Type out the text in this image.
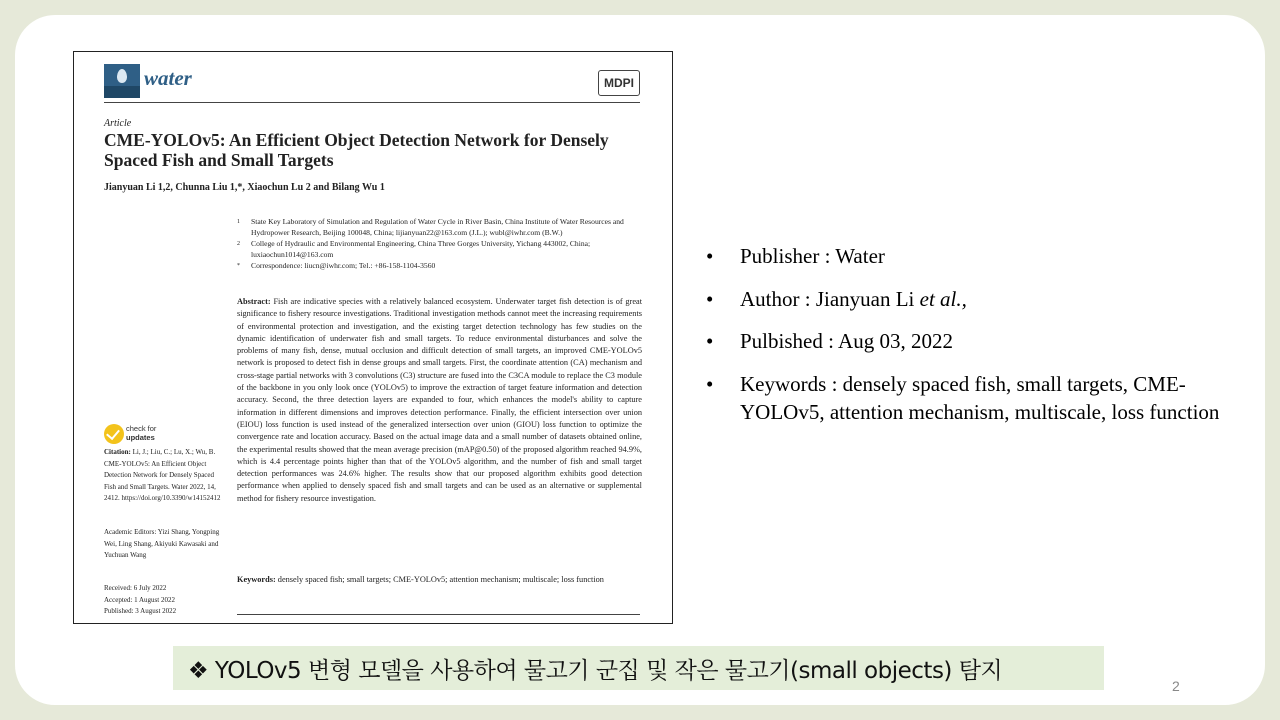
water	MDPI
Article
CME-YOLOv5: An Efficient Object Detection Network for Densely Spaced Fish and Small Targets
Jianyuan Li 1,2, Chunna Liu 1,*, Xiaochun Lu 2 and Bilang Wu 1

1 State Key Laboratory of Simulation and Regulation of Water Cycle in River Basin, China Institute of Water Resources and Hydropower Research, Beijing 100048, China; lijianyuan22@163.com (J.L.); wubl@iwhr.com (B.W.)

2 College of Hydraulic and Environmental Engineering, China Three Gorges University, Yichang 443002, China; luxiaochun1014@163.com

* Correspondence: liucn@iwhr.com; Tel.: +86-158-1104-3560

Abstract: Fish are indicative species with a relatively balanced ecosystem. Underwater target fish detection is of great significance to fishery resource investigations. Traditional investigation methods cannot meet the increasing requirements of environmental protection and investigation, and the existing target detection technology has few studies on the dynamic identification of underwater fish and small targets. To reduce environmental disturbances and solve the problems of many fish, dense, mutual occlusion and difficult detection of small targets, an improved CME-YOLOv5 network is proposed to detect fish in dense groups and small targets. First, the coordinate attention (CA) mechanism and cross-stage partial networks with 3 convolutions (C3) structure are fused into the C3CA module to replace the C3 module of the backbone in you only look once (YOLOv5) to improve the extraction of target feature information and detection accuracy. Second, the three detection layers are expanded to four, which enhances the model's ability to capture information in different dimensions and improves detection performance. Finally, the efficient intersection over union (EIOU) loss function is used instead of the generalized intersection over union (GIOU) loss function to optimize the convergence rate and location accuracy. Based on the actual image data and a small number of datasets obtained online, the experimental results showed that the mean average precision (mAP@0.50) of the proposed algorithm reached 94.9%, which is 4.4 percentage points higher than that of the YOLOv5 algorithm, and the number of fish and small target detection performances was 24.6% higher. The results show that our proposed algorithm exhibits good detection performance when applied to densely spaced fish and small targets and can be used as an alternative or supplemental method for fishery resource investigation.
Keywords: densely spaced fish; small targets; CME-YOLOv5; attention mechanism; multiscale; loss function
check for
updates
Citation: Li, J.; Liu, C.; Lu, X.; Wu, B. CME-YOLOv5: An Efficient Object Detection Network for Densely Spaced Fish and Small Targets. Water 2022, 14, 2412. https://doi.org/10.3390/w14152412
Academic Editors: Yizi Shang, Yongping Wei, Ling Shang, Akiyuki Kawasaki and Yuchuan Wang
Received: 6 July 2022
Accepted: 1 August 2022
Published: 3 August 2022
• Publisher : Water
• Author : Jianyuan Li et al.,
• Pulbished : Aug 03, 2022
• Keywords : densely spaced fish, small targets, CME-YOLOv5, attention mechanism, multiscale, loss function
❖ YOLOv5 변형 모델을 사용하여 물고기 군집 및 작은 물고기(small objects) 탐지
2
